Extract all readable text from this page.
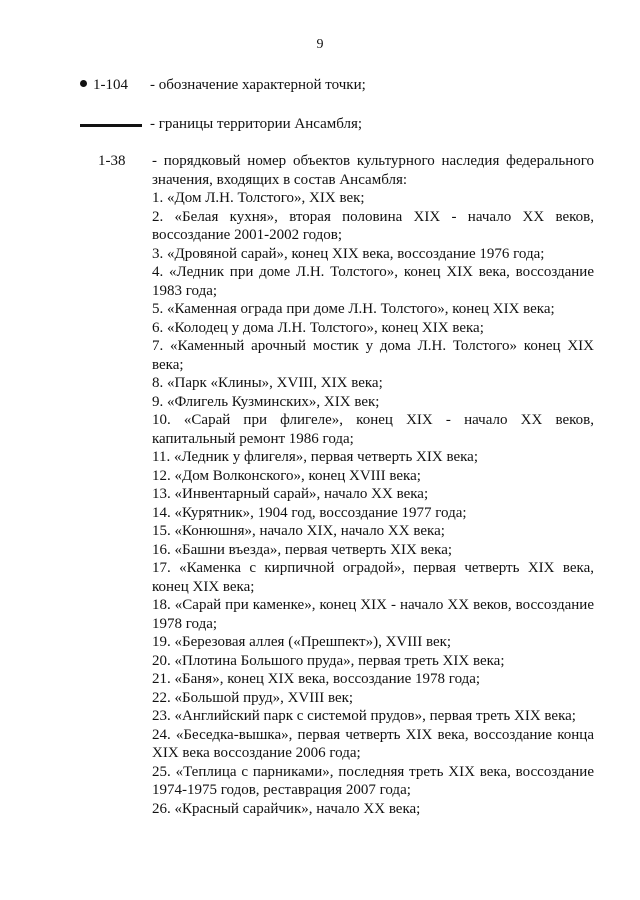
9
1-104 - обозначение характерной точки;
- границы территории Ансамбля;
1-38 - порядковый номер объектов культурного наследия федерального значения, входящих в состав Ансамбля:
1. «Дом Л.Н. Толстого», XIX век;
2. «Белая кухня», вторая половина XIX - начало XX веков, воссоздание 2001-2002 годов;
3. «Дровяной сарай», конец XIX века, воссоздание 1976 года;
4. «Ледник при доме Л.Н. Толстого», конец XIX века, воссоздание 1983 года;
5. «Каменная ограда при доме Л.Н. Толстого», конец XIX века;
6. «Колодец у дома Л.Н. Толстого», конец XIX века;
7. «Каменный арочный мостик у дома Л.Н. Толстого» конец XIX века;
8. «Парк «Клины», XVIII, XIX века;
9. «Флигель Кузминских», XIX век;
10. «Сарай при флигеле», конец XIX - начало XX веков, капитальный ремонт 1986 года;
11. «Ледник у флигеля», первая четверть XIX века;
12. «Дом Волконского», конец XVIII века;
13. «Инвентарный сарай», начало XX века;
14. «Курятник», 1904 год, воссоздание 1977 года;
15. «Конюшня», начало XIX, начало XX века;
16. «Башни въезда», первая четверть XIX века;
17. «Каменка с кирпичной оградой», первая четверть XIX века, конец XIX века;
18. «Сарай при каменке», конец XIX - начало XX веков, воссоздание 1978 года;
19. «Березовая аллея («Прешпект»), XVIII век;
20. «Плотина Большого пруда», первая треть XIX века;
21. «Баня», конец XIX века, воссоздание 1978 года;
22. «Большой пруд», XVIII век;
23. «Английский парк с системой прудов», первая треть XIX века;
24. «Беседка-вышка», первая четверть XIX века, воссоздание конца XIX века воссоздание 2006 года;
25. «Теплица с парниками», последняя треть XIX века, воссоздание 1974-1975 годов, реставрация 2007 года;
26. «Красный сарайчик», начало XX века;
